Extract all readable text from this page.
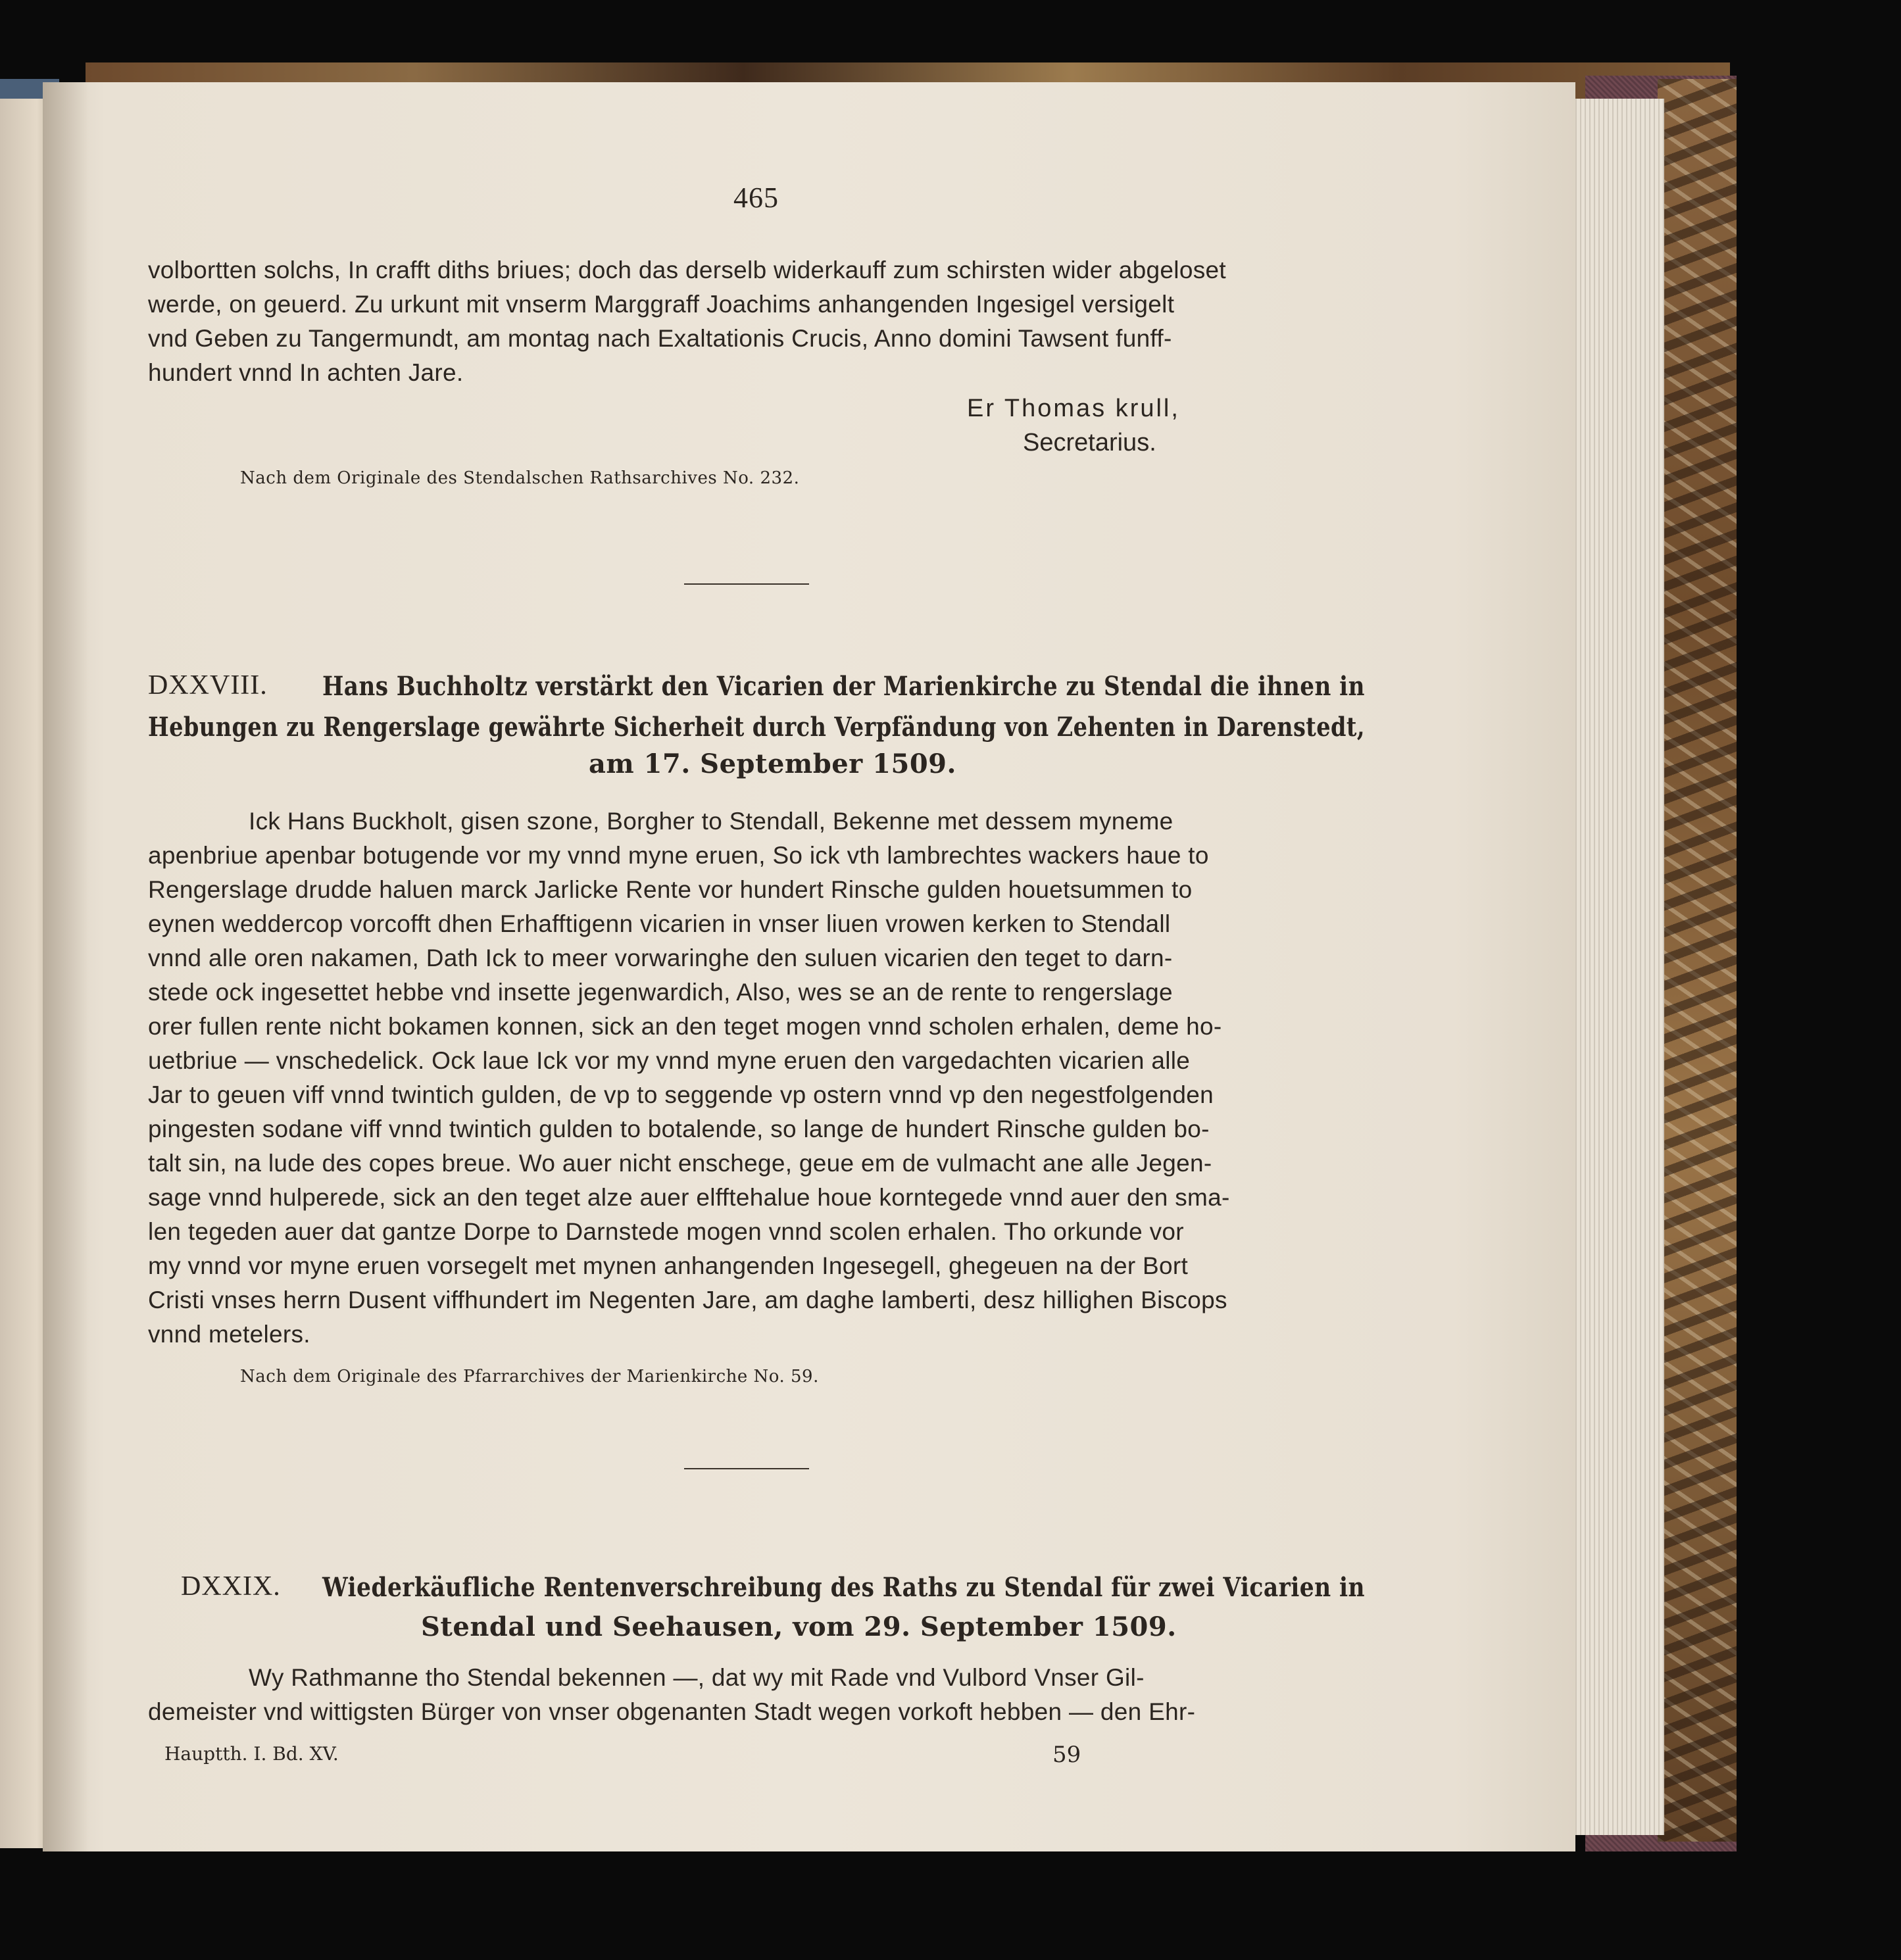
465
volbortten solchs, In crafft diths briues; doch das derselb widerkauff zum schirsten wider abgeloset
werde, on geuerd. Zu urkunt mit vnserm Marggraff Joachims anhangenden Ingesigel versigelt
vnd Geben zu Tangermundt, am montag nach Exaltationis Crucis, Anno domini Tawsent funff-
hundert vnnd In achten Jare.
Er Thomas krull,
Secretarius.
Nach dem Originale des Stendalschen Rathsarchives No. 232.
DXXVIII. Hans Buchholtz verstärkt den Vicarien der Marienkirche zu Stendal die ihnen in
Hebungen zu Rengerslage gewährte Sicherheit durch Verpfändung von Zehenten in Darenstedt,
am 17. September 1509.
Ick Hans Buckholt, gisen szone, Borgher to Stendall, Bekenne met dessem myneme
apenbriue apenbar botugende vor my vnnd myne eruen, So ick vth lambrechtes wackers haue to
Rengerslage drudde haluen marck Jarlicke Rente vor hundert Rinsche gulden houetsummen to
eynen weddercop vorcofft dhen Erhafftigenn vicarien in vnser liuen vrowen kerken to Stendall
vnnd alle oren nakamen, Dath Ick to meer vorwaringhe den suluen vicarien den teget to darn-
stede ock ingesettet hebbe vnd insette jegenwardich, Also, wes se an de rente to rengerslage
orer fullen rente nicht bokamen konnen, sick an den teget mogen vnnd scholen erhalen, deme ho-
uetbriue — vnschedelick. Ock laue Ick vor my vnnd myne eruen den vargedachten vicarien alle
Jar to geuen viff vnnd twintich gulden, de vp to seggende vp ostern vnnd vp den negestfolgenden
pingesten sodane viff vnnd twintich gulden to botalende, so lange de hundert Rinsche gulden bo-
talt sin, na lude des copes breue. Wo auer nicht enschege, geue em de vulmacht ane alle Jegen-
sage vnnd hulperede, sick an den teget alze auer elfftehalue houe korntegede vnnd auer den sma-
len tegeden auer dat gantze Dorpe to Darnstede mogen vnnd scolen erhalen. Tho orkunde vor
my vnnd vor myne eruen vorsegelt met mynen anhangenden Ingesegell, ghegeuen na der Bort
Cristi vnses herrn Dusent viffhundert im Negenten Jare, am daghe lamberti, desz hillighen Biscops
vnnd metelers.
Nach dem Originale des Pfarrarchives der Marienkirche No. 59.
DXXIX. Wiederkäufliche Rentenverschreibung des Raths zu Stendal für zwei Vicarien in
Stendal und Seehausen, vom 29. September 1509.
Wy Rathmanne tho Stendal bekennen —, dat wy mit Rade vnd Vulbord Vnser Gil-
demeister vnd wittigsten Bürger von vnser obgenanten Stadt wegen vorkoft hebben — den Ehr-
Hauptth. I. Bd. XV.	59
